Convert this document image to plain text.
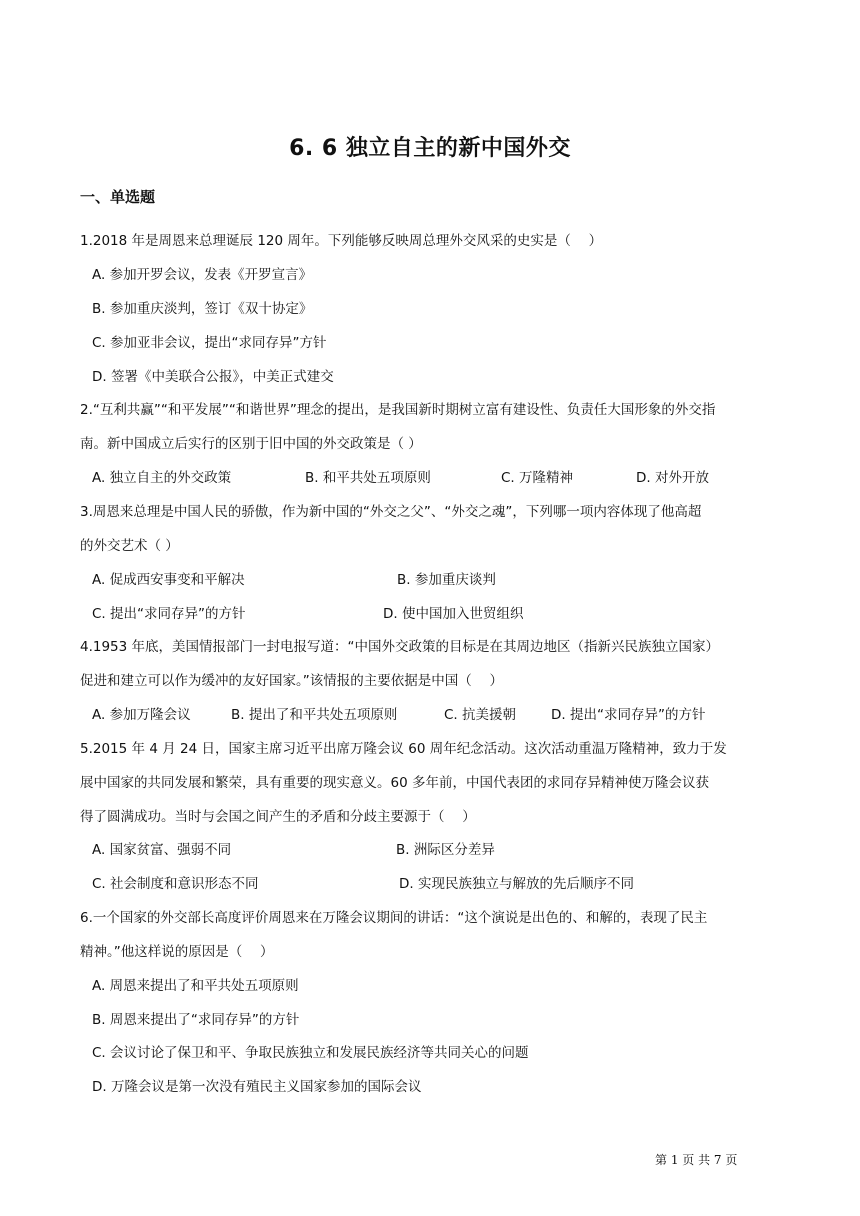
6. 6 独立自主的新中国外交
一、单选题
1.2018 年是周恩来总理诞辰 120 周年。下列能够反映周总理外交风采的史实是（　 ）
A. 参加开罗会议，发表《开罗宣言》
B. 参加重庆淡判，签订《双十协定》
C. 参加亚非会议，提出“求同存异”方针
D. 签署《中美联合公报》，中美正式建交
2.“互利共赢”“和平发展”“和谐世界”理念的提出，是我国新时期树立富有建设性、负责任大国形象的外交指
南。新中国成立后实行的区别于旧中国的外交政策是（ ）
A. 独立自主的外交政策	B. 和平共处五项原则	C. 万隆精神	D. 对外开放
3.周恩来总理是中国人民的骄傲，作为新中国的“外交之父”、“外交之魂”，下列哪一项内容体现了他高超
的外交艺术（ ）
A. 促成西安事变和平解决	B. 参加重庆谈判
C. 提出“求同存异”的方针	D. 使中国加入世贸组织
4.1953 年底，美国情报部门一封电报写道：“中国外交政策的目标是在其周边地区（指新兴民族独立国家）
促进和建立可以作为缓冲的友好国家。”该情报的主要依据是中国（　 ）
A. 参加万隆会议	B. 提出了和平共处五项原则	C. 抗美援朝	D. 提出“求同存异”的方针
5.2015 年 4 月 24 日，国家主席习近平出席万隆会议 60 周年纪念活动。这次活动重温万隆精神，致力于发
展中国家的共同发展和繁荣，具有重要的现实意义。60 多年前，中国代表团的求同存异精神使万隆会议获
得了圆满成功。当时与会国之间产生的矛盾和分歧主要源于（　 ）
A. 国家贫富、强弱不同	B. 洲际区分差异
C. 社会制度和意识形态不同	D. 实现民族独立与解放的先后顺序不同
6.一个国家的外交部长高度评价周恩来在万隆会议期间的讲话：“这个演说是出色的、和解的，表现了民主
精神。”他这样说的原因是（　 ）
A. 周恩来提出了和平共处五项原则
B. 周恩来提出了“求同存异”的方针
C. 会议讨论了保卫和平、争取民族独立和发展民族经济等共同关心的问题
D. 万隆会议是第一次没有殖民主义国家参加的国际会议
第 1 页 共 7 页
